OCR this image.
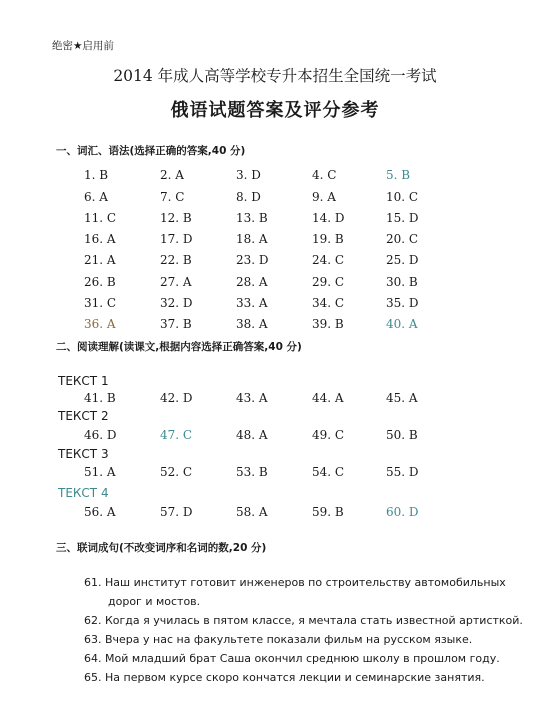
绝密★启用前
2014 年成人高等学校专升本招生全国统一考试
俄语试题答案及评分参考
一、词汇、语法(选择正确的答案,40 分)
1. B	2. A	3. D	4. C	5. B
6. A	7. C	8. D	9. A	10. C
11. C	12. B	13. B	14. D	15. D
16. A	17. D	18. A	19. B	20. C
21. A	22. B	23. D	24. C	25. D
26. B	27. A	28. A	29. C	30. B
31. C	32. D	33. A	34. C	35. D
36. A	37. B	38. A	39. B	40. A
二、阅读理解(读课文,根据内容选择正确答案,40 分)
ТЕКСТ 1
41. B	42. D	43. A	44. A	45. A
ТЕКСТ 2
46. D	47. C	48. A	49. C	50. B
ТЕКСТ 3
51. A	52. C	53. B	54. C	55. D
ТЕКСТ 4
56. A	57. D	58. A	59. B	60. D
三、联词成句(不改变词序和名词的数,20 分)
61. Наш институт готовит инженеров по строительству автомобильных
дорог и мостов.
62. Когда я училась в пятом классе, я мечтала стать известной артисткой.
63. Вчера у нас на факультете показали фильм на русском языке.
64. Мой младший брат Саша окончил среднюю школу в прошлом году.
65. На первом курсе скоро кончатся лекции и семинарские занятия.
